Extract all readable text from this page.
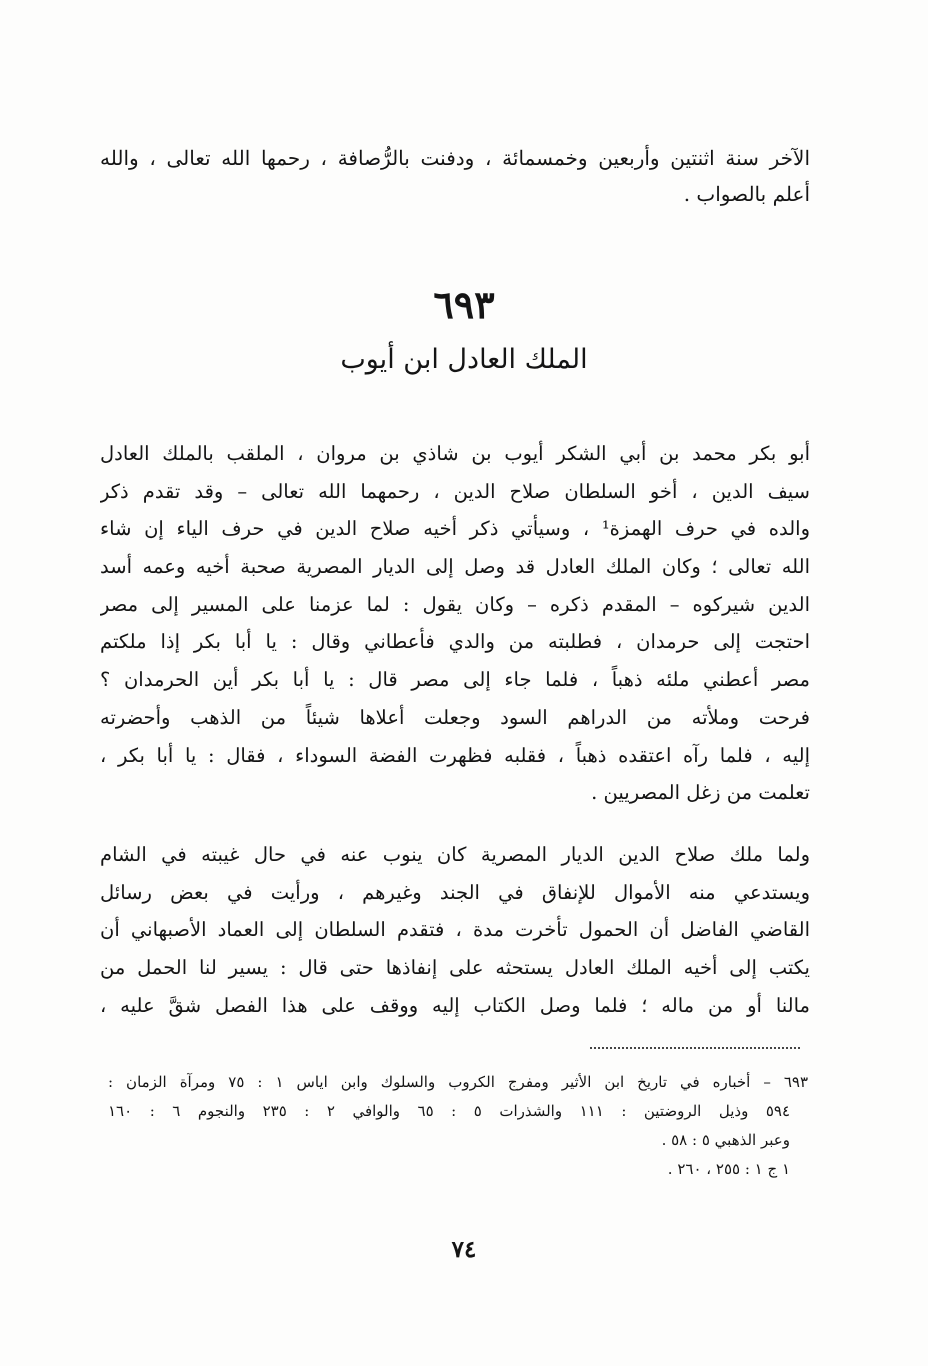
الآخر سنة اثنتين وأربعين وخمسمائة ، ودفنت بالرُّصافة ، رحمها الله تعالى ، والله
أعلم بالصواب .
٦٩٣
الملك العادل ابن أيوب
أبو بكر محمد بن أبي الشكر أيوب بن شاذي بن مروان ، الملقب بالملك العادل
سيف الدين ، أخو السلطان صلاح الدين ، رحمهما الله تعالى – وقد تقدم ذكر
والده في حرف الهمزة¹ ، وسيأتي ذكر أخيه صلاح الدين في حرف الياء إن شاء
الله تعالى ؛ وكان الملك العادل قد وصل إلى الديار المصرية صحبة أخيه وعمه أسد
الدين شيركوه – المقدم ذكره – وكان يقول : لما عزمنا على المسير إلى مصر
احتجت إلى حرمدان ، فطلبته من والدي فأعطاني وقال : يا أبا بكر إذا ملكتم
مصر أعطني ملئه ذهباً ، فلما جاء إلى مصر قال : يا أبا بكر أين الحرمدان ؟
فرحت وملأته من الدراهم السود وجعلت أعلاها شيئاً من الذهب وأحضرته
إليه ، فلما رآه اعتقده ذهباً ، فقلبه فظهرت الفضة السوداء ، فقال : يا أبا بكر ،
تعلمت من زغل المصريين .
ولما ملك صلاح الدين الديار المصرية كان ينوب عنه في حال غيبته في الشام
ويستدعي منه الأموال للإنفاق في الجند وغيرهم ، ورأيت في بعض رسائل
القاضي الفاضل أن الحمول تأخرت مدة ، فتقدم السلطان إلى العماد الأصبهاني أن
يكتب إلى أخيه الملك العادل يستحثه على إنفاذها حتى قال : يسير لنا الحمل من
مالنا أو من ماله ؛ فلما وصل الكتاب إليه ووقف على هذا الفصل شقَّ عليه ،
٦٩٣ – أخباره في تاريخ ابن الأثير ومفرج الكروب والسلوك وابن اياس ١ : ٧٥ ومرآة الزمان :
٥٩٤ وذيل الروضتين : ١١١ والشذرات ٥ : ٦٥ والوافي ٢ : ٢٣٥ والنجوم ٦ : ١٦٠
وعبر الذهبي ٥ : ٥٨ .
١ ج ١ : ٢٥٥ ، ٢٦٠ .
٧٤
